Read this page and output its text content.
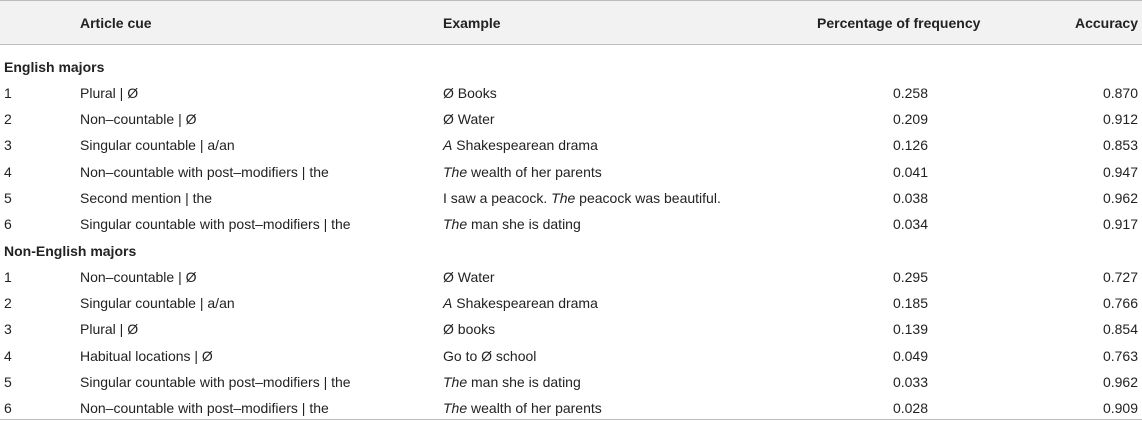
Article cue	Example	Percentage of frequency	Accuracy
English majors
1	Plural | Ø	Ø Books	0.258	0.870
2	Non–countable | Ø	Ø Water	0.209	0.912
3	Singular countable | a/an	A Shakespearean drama	0.126	0.853
4	Non–countable with post–modifiers | the	The wealth of her parents	0.041	0.947
5	Second mention | the	I saw a peacock. The peacock was beautiful.	0.038	0.962
6	Singular countable with post–modifiers | the	The man she is dating	0.034	0.917
Non-English majors
1	Non–countable | Ø	Ø Water	0.295	0.727
2	Singular countable | a/an	A Shakespearean drama	0.185	0.766
3	Plural | Ø	Ø books	0.139	0.854
4	Habitual locations | Ø	Go to Ø school	0.049	0.763
5	Singular countable with post–modifiers | the	The man she is dating	0.033	0.962
6	Non–countable with post–modifiers | the	The wealth of her parents	0.028	0.909
